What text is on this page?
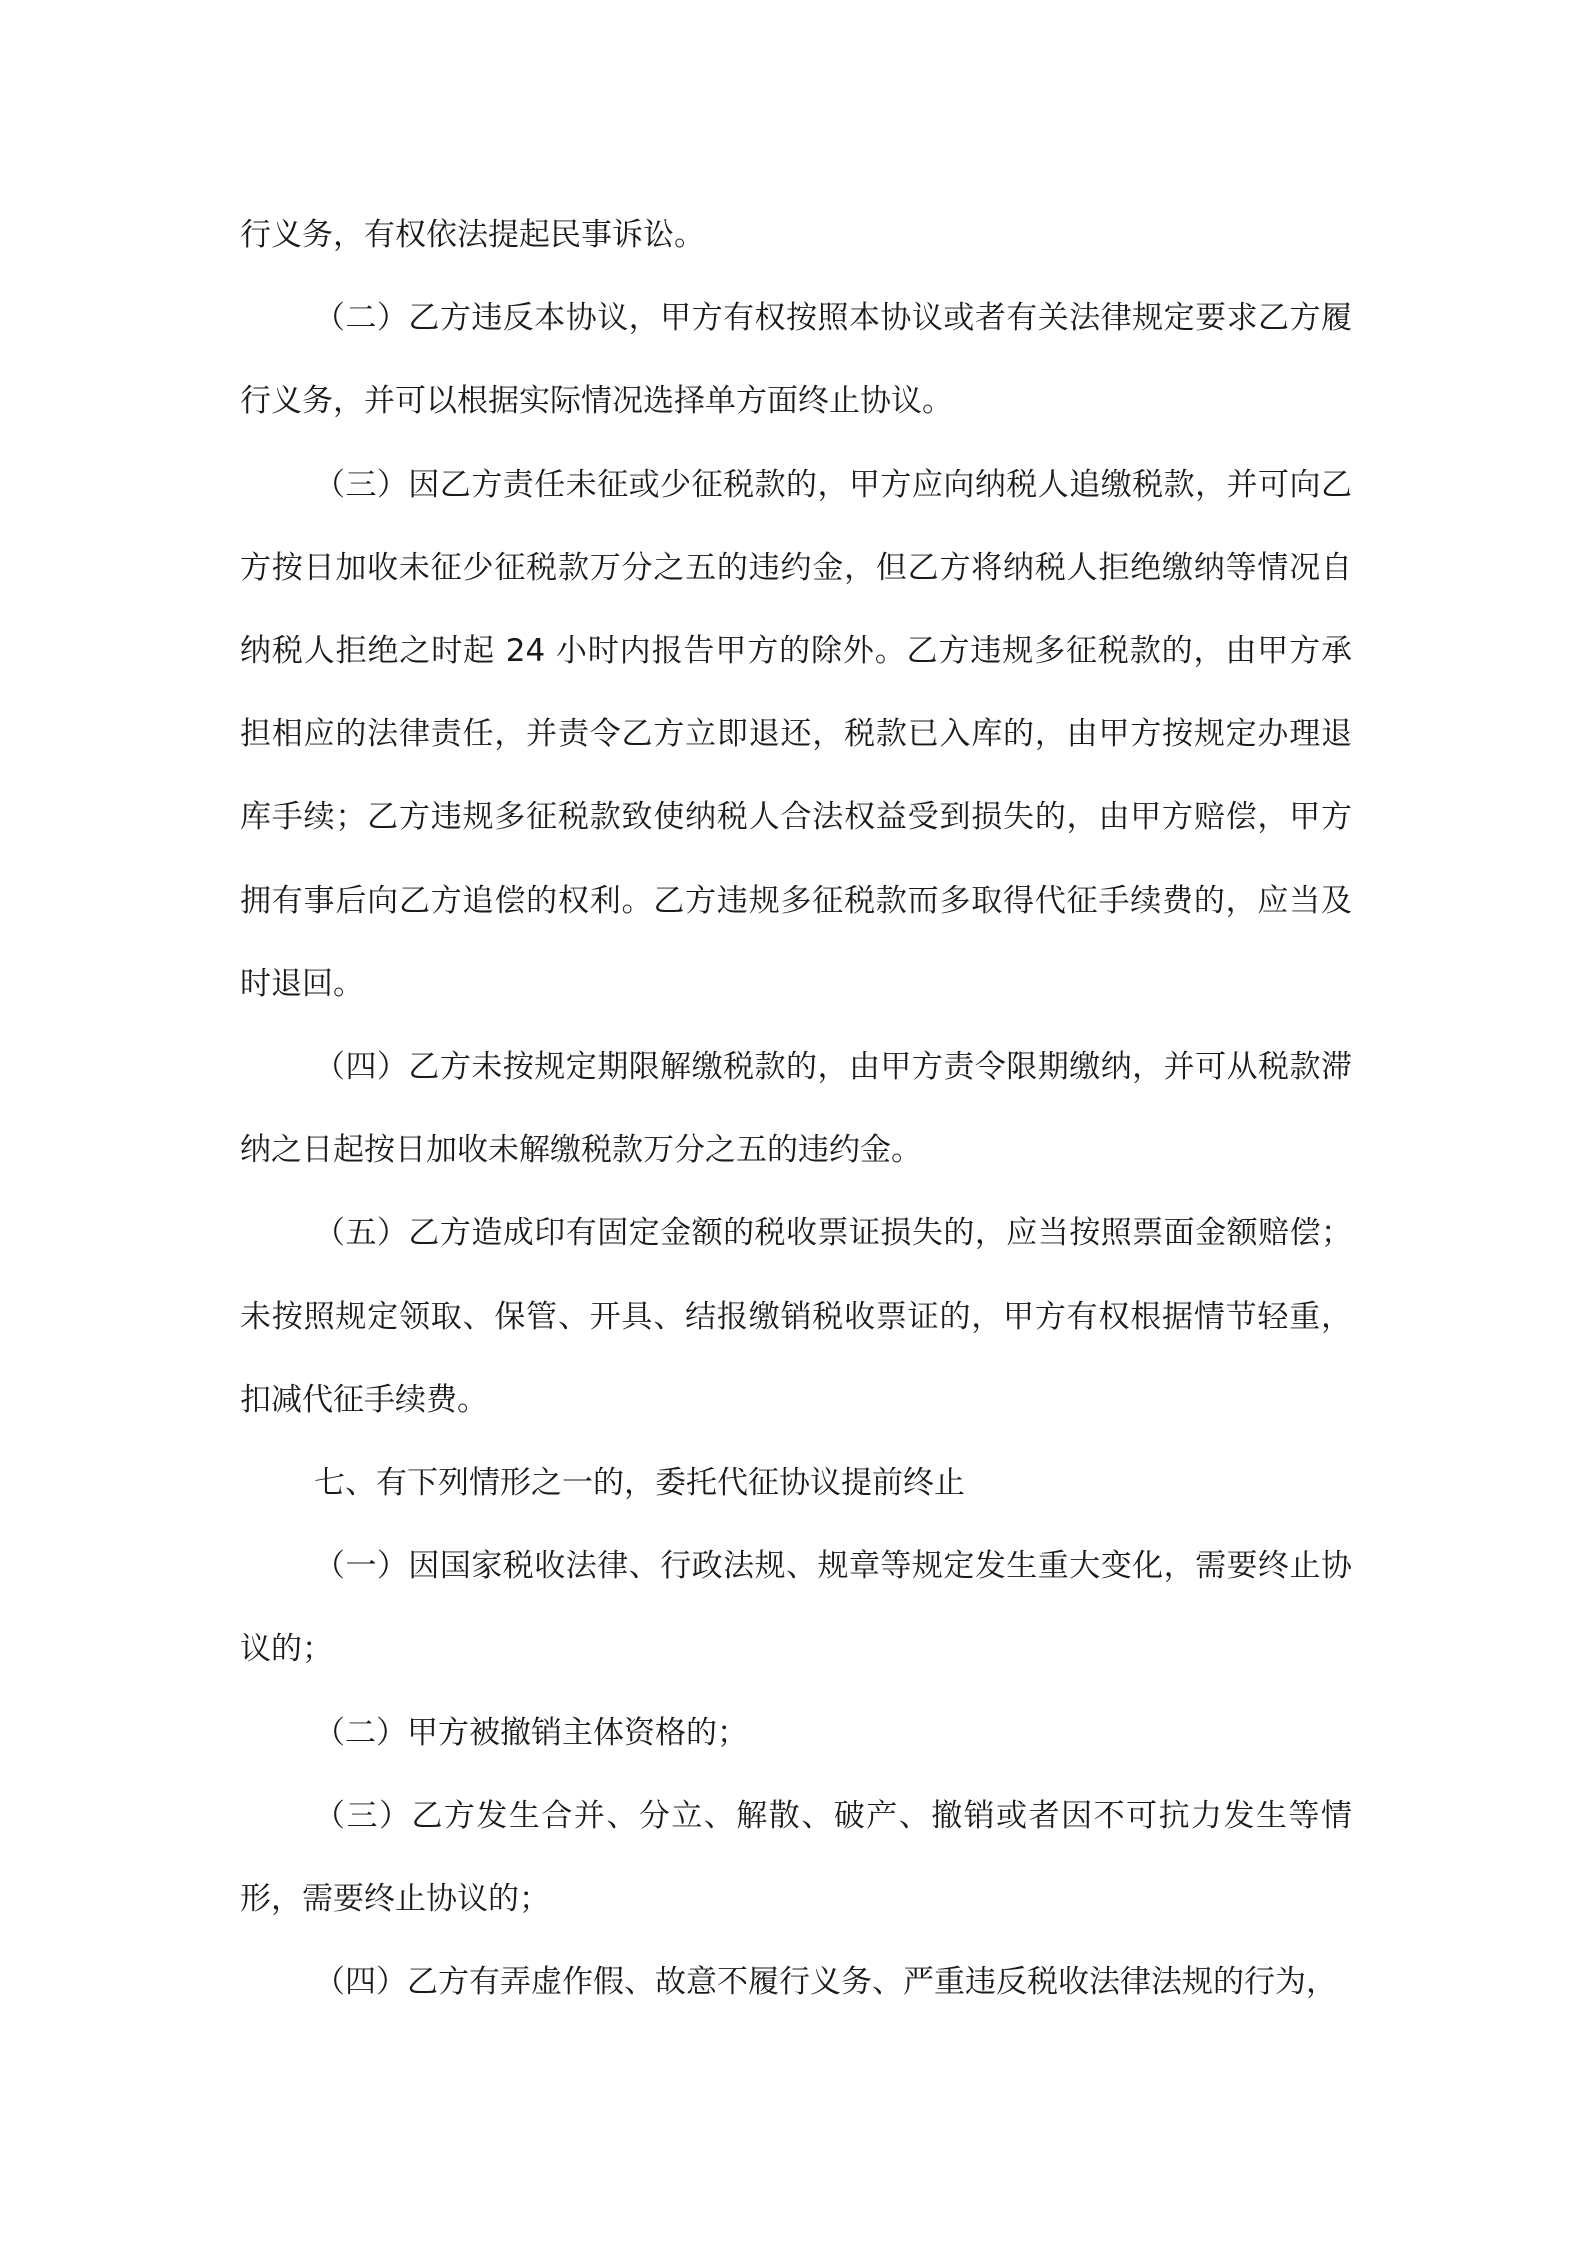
行义务，有权依法提起民事诉讼。

（二）乙方违反本协议，甲方有权按照本协议或者有关法律规定要求乙方履行义务，并可以根据实际情况选择单方面终止协议。

（三）因乙方责任未征或少征税款的，甲方应向纳税人追缴税款，并可向乙方按日加收未征少征税款万分之五的违约金，但乙方将纳税人拒绝缴纳等情况自纳税人拒绝之时起 24 小时内报告甲方的除外。乙方违规多征税款的，由甲方承担相应的法律责任，并责令乙方立即退还，税款已入库的，由甲方按规定办理退库手续；乙方违规多征税款致使纳税人合法权益受到损失的，由甲方赔偿，甲方拥有事后向乙方追偿的权利。乙方违规多征税款而多取得代征手续费的，应当及时退回。

（四）乙方未按规定期限解缴税款的，由甲方责令限期缴纳，并可从税款滞纳之日起按日加收未解缴税款万分之五的违约金。

（五）乙方造成印有固定金额的税收票证损失的，应当按照票面金额赔偿；未按照规定领取、保管、开具、结报缴销税收票证的，甲方有权根据情节轻重，扣减代征手续费。

七、有下列情形之一的，委托代征协议提前终止

（一）因国家税收法律、行政法规、规章等规定发生重大变化，需要终止协议的；

（二）甲方被撤销主体资格的；

（三）乙方发生合并、分立、解散、破产、撤销或者因不可抗力发生等情形，需要终止协议的；

（四）乙方有弄虚作假、故意不履行义务、严重违反税收法律法规的行为，
